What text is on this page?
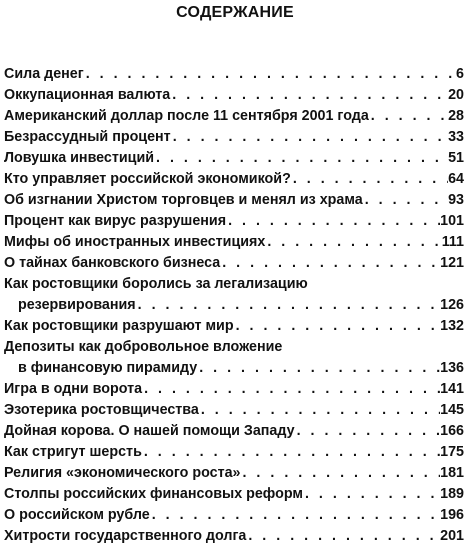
СОДЕРЖАНИЕ
Сила денег . . .	6
Оккупационная валюта . . .	20
Американский доллар после 11 сентября 2001 года . . .	28
Безрассудный процент . . .	33
Ловушка инвестиций . . .	51
Кто управляет российской экономикой? . . .	64
Об изгнании Христом торговцев и менял из храма . . .	93
Процент как вирус разрушения . . .	101
Мифы об иностранных инвестициях . . .	111
О тайнах банковского бизнеса . . .	121
Как ростовщики боролись за легализацию
резервирования . . .	126
Как ростовщики разрушают мир . . .	132
Депозиты как добровольное вложение
в финансовую пирамиду . . .	136
Игра в одни ворота . . .	141
Эзотерика ростовщичества . . .	145
Дойная корова. О нашей помощи Западу . . .	166
Как стригут шерсть . . .	175
Религия «экономического роста» . . .	181
Столпы российских финансовых реформ . . .	189
О российском рубле . . .	196
Хитрости государственного долга . . .	201
